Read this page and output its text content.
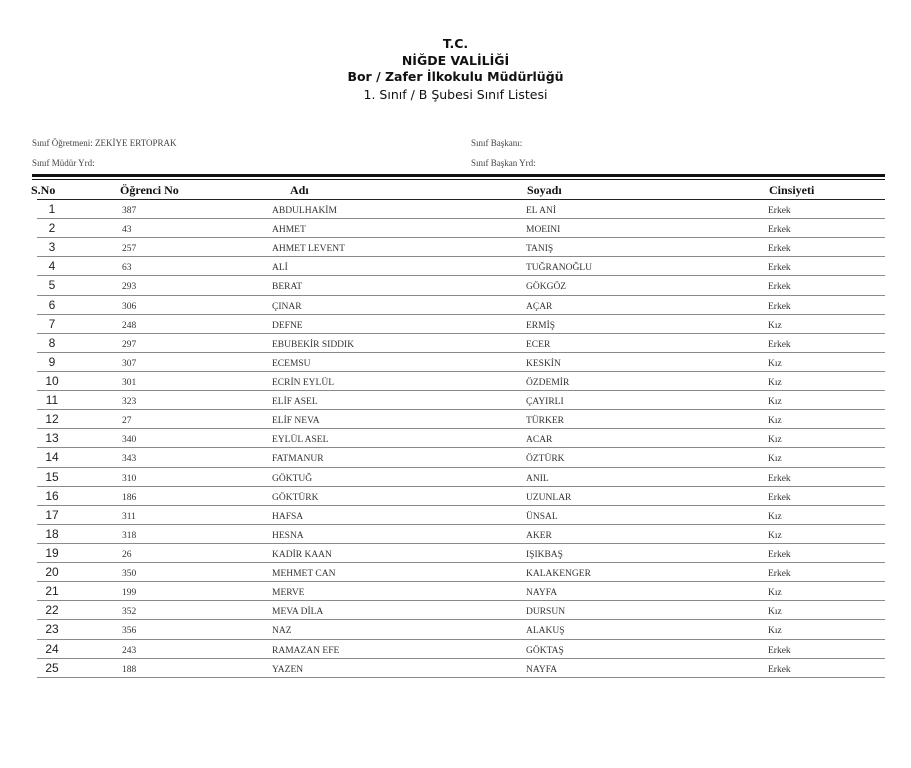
T.C.
NİĞDE VALİLİĞİ
Bor / Zafer İlkokulu Müdürlüğü
1. Sınıf / B Şubesi Sınıf Listesi
Sınıf Öğretmeni: ZEKİYE ERTOPRAK
Sınıf Müdür Yrd:
Sınıf Başkanı:
Sınıf Başkan Yrd:
S.No	Öğrenci No	Adı	Soyadı	Cinsiyeti
1	387	ABDULHAKİM	EL ANİ	Erkek
2	43	AHMET	MOEINI	Erkek
3	257	AHMET LEVENT	TANIŞ	Erkek
4	63	ALİ	TUĞRANOĞLU	Erkek
5	293	BERAT	GÖKGÖZ	Erkek
6	306	ÇINAR	AÇAR	Erkek
7	248	DEFNE	ERMİŞ	Kız
8	297	EBUBEKİR SIDDIK	ECER	Erkek
9	307	ECEMSU	KESKİN	Kız
10	301	ECRİN EYLÜL	ÖZDEMİR	Kız
11	323	ELİF ASEL	ÇAYIRLI	Kız
12	27	ELİF NEVA	TÜRKER	Kız
13	340	EYLÜL ASEL	ACAR	Kız
14	343	FATMANUR	ÖZTÜRK	Kız
15	310	GÖKTUĞ	ANIL	Erkek
16	186	GÖKTÜRK	UZUNLAR	Erkek
17	311	HAFSA	ÜNSAL	Kız
18	318	HESNA	AKER	Kız
19	26	KADİR KAAN	IŞIKBAŞ	Erkek
20	350	MEHMET CAN	KALAKENGER	Erkek
21	199	MERVE	NAYFA	Kız
22	352	MEVA DİLA	DURSUN	Kız
23	356	NAZ	ALAKUŞ	Kız
24	243	RAMAZAN EFE	GÖKTAŞ	Erkek
25	188	YAZEN	NAYFA	Erkek
